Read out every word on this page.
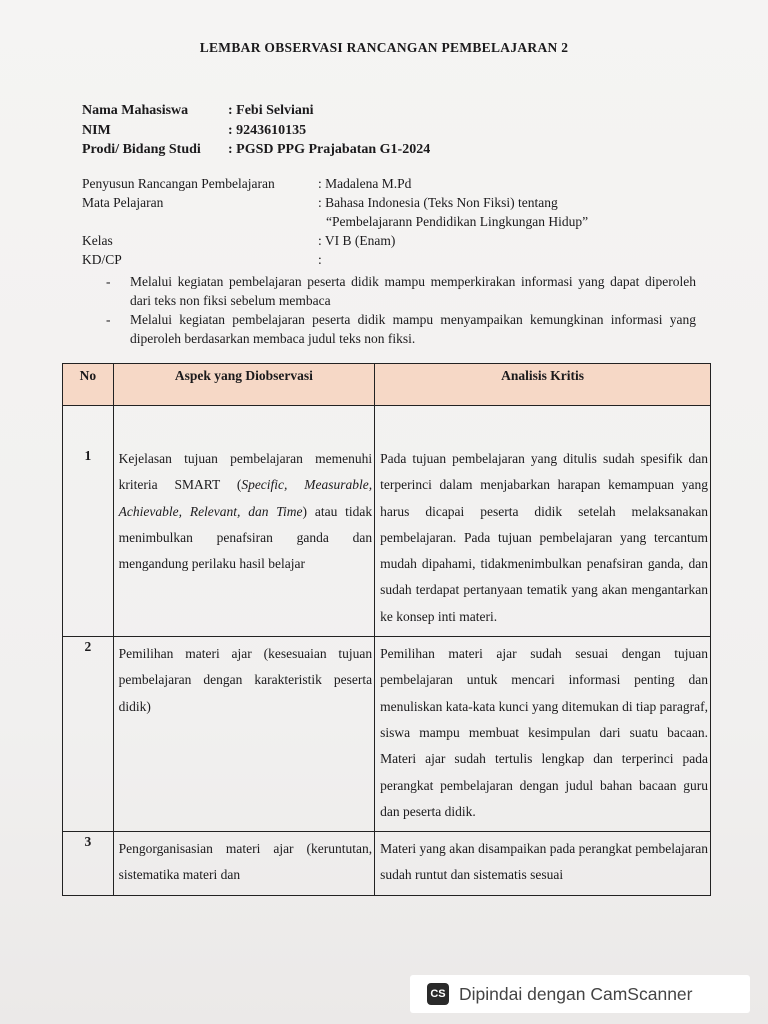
LEMBAR OBSERVASI RANCANGAN PEMBELAJARAN 2
Nama Mahasiswa	: Febi Selviani
NIM	: 9243610135
Prodi/ Bidang Studi	: PGSD PPG Prajabatan G1-2024
Penyusun Rancangan Pembelajaran	: Madalena M.Pd
Mata Pelajaran	: Bahasa Indonesia (Teks Non Fiksi) tentang
“Pembelajarann Pendidikan Lingkungan Hidup”
Kelas	: VI B (Enam)
KD/CP	:
-	Melalui kegiatan pembelajaran peserta didik mampu memperkirakan informasi yang dapat diperoleh dari teks non fiksi sebelum membaca
-	Melalui kegiatan pembelajaran peserta didik mampu menyampaikan kemungkinan informasi yang diperoleh berdasarkan membaca judul teks non fiksi.
No	Aspek yang Diobservasi	Analisis Kritis
1	Kejelasan tujuan pembelajaran memenuhi kriteria SMART (Specific, Measurable, Achievable, Relevant, dan Time) atau tidak menimbulkan penafsiran ganda dan mengandung perilaku hasil belajar	Pada tujuan pembelajaran yang ditulis sudah spesifik dan terperinci dalam menjabarkan harapan kemampuan yang harus dicapai peserta didik setelah melaksanakan pembelajaran. Pada tujuan pembelajaran yang tercantum mudah dipahami, tidakmenimbulkan penafsiran ganda, dan sudah terdapat pertanyaan tematik yang akan mengantarkan ke konsep inti materi.

2	Pemilihan materi ajar (kesesuaian tujuan pembelajaran dengan karakteristik peserta didik)	Pemilihan materi ajar sudah sesuai dengan tujuan pembelajaran untuk mencari informasi penting dan menuliskan kata-kata kunci yang ditemukan di tiap paragraf, siswa mampu membuat kesimpulan dari suatu bacaan. Materi ajar sudah tertulis lengkap dan terperinci pada perangkat pembelajaran dengan judul bahan bacaan guru dan peserta didik.

3	Pengorganisasian materi ajar (keruntutan, sistematika materi dan	Materi yang akan disampaikan pada perangkat pembelajaran sudah runtut dan sistematis sesuai
CS Dipindai dengan CamScanner
